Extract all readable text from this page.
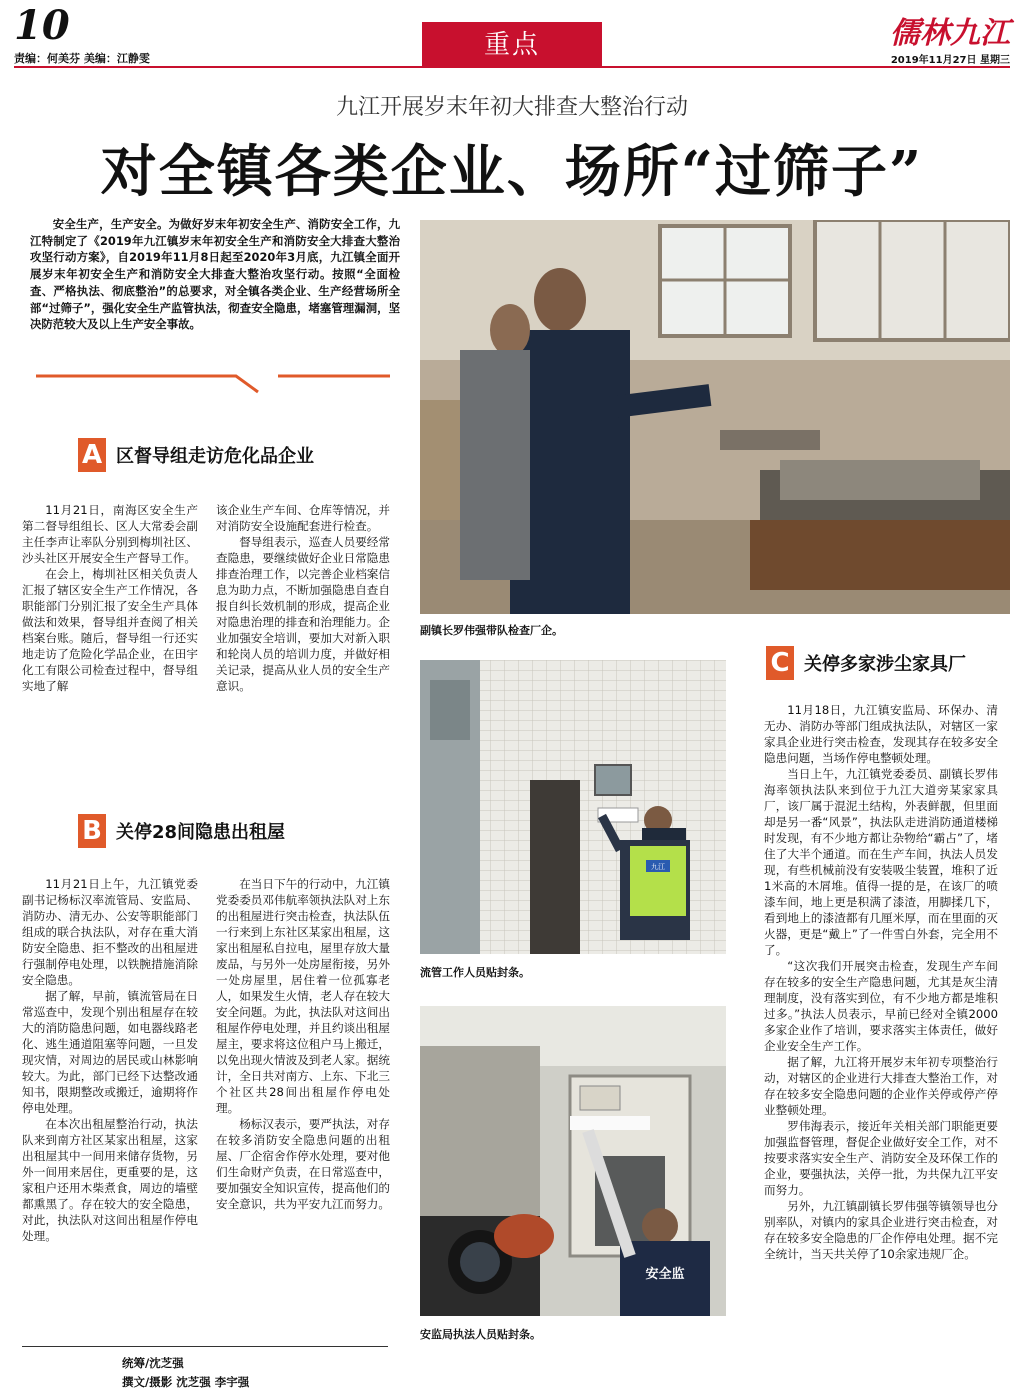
10
责编：何美芬 美编：江静雯	重点	儒林九江
2019年11月27日 星期三
九江开展岁末年初大排查大整治行动
对全镇各类企业、场所“过筛子”
安全生产，生产安全。为做好岁末年初安全生产、消防安全工作，九江特制定了《2019年九江镇岁末年初安全生产和消防安全大排查大整治攻坚行动方案》，自2019年11月8日起至2020年3月底，九江镇全面开展岁末年初安全生产和消防安全大排查大整治攻坚行动。按照“全面检查、严格执法、彻底整治”的总要求，对全镇各类企业、生产经营场所全部“过筛子”，强化安全生产监管执法，彻查安全隐患，堵塞管理漏洞，坚决防范较大及以上生产安全事故。
A 区督导组走访危化品企业

11月21日，南海区安全生产第二督导组组长、区人大常委会副主任李声让率队分别到梅圳社区、沙头社区开展安全生产督导工作。

在会上，梅圳社区相关负责人汇报了辖区安全生产工作情况，各职能部门分别汇报了安全生产具体做法和效果，督导组并查阅了相关档案台账。随后，督导组一行还实地走访了危险化学品企业，在田宇化工有限公司检查过程中，督导组实地了解

该企业生产车间、仓库等情况，并对消防安全设施配套进行检查。

督导组表示，巡查人员要经常查隐患，要继续做好企业日常隐患排查治理工作，以完善企业档案信息为助力点，不断加强隐患自查自报自纠长效机制的形成，提高企业对隐患治理的排查和治理能力。企业加强安全培训，要加大对新入职和轮岗人员的培训力度，并做好相关记录，提高从业人员的安全生产意识。

B 关停28间隐患出租屋

11月21日上午，九江镇党委副书记杨标汉率流管局、安监局、消防办、清无办、公安等职能部门组成的联合执法队，对存在重大消防安全隐患、拒不整改的出租屋进行强制停电处理，以铁腕措施消除安全隐患。

据了解，早前，镇流管局在日常巡查中，发现个别出租屋存在较大的消防隐患问题，如电器线路老化、逃生通道阻塞等问题，一旦发现灾情，对周边的居民或山林影响较大。为此，部门已经下达整改通知书，限期整改或搬迁，逾期将作停电处理。

在本次出租屋整治行动，执法队来到南方社区某家出租屋，这家出租屋其中一间用来储存货物，另外一间用来居住，更重要的是，这家租户还用木柴煮食，周边的墙壁都熏黑了。存在较大的安全隐患，对此，执法队对这间出租屋作停电处理。

在当日下午的行动中，九江镇党委委员邓伟航率领执法队对上东的出租屋进行突击检查，执法队伍一行来到上东社区某家出租屋，这家出租屋私自拉电，屋里存放大量废品，与另外一处房屋衔接，另外一处房屋里，居住着一位孤寡老人，如果发生火情，老人存在较大安全问题。为此，执法队对这间出租屋作停电处理，并且约谈出租屋屋主，要求将这位租户马上搬迁，以免出现火情波及到老人家。据统计，全日共对南方、上东、下北三个社区共28间出租屋作停电处理。

杨标汉表示，要严执法，对存在较多消防安全隐患问题的出租屋、厂企宿舍作停水处理，要对他们生命财产负责，在日常巡查中，要加强安全知识宣传，提高他们的安全意识，共为平安九江而努力。

统筹/沈芝强
撰文/摄影 沈芝强 李宇强
副镇长罗伟强带队检查厂企。
九江
流管工作人员贴封条。
安全监
安监局执法人员贴封条。
C 关停多家涉尘家具厂

11月18日，九江镇安监局、环保办、清无办、消防办等部门组成执法队，对辖区一家家具企业进行突击检查，发现其存在较多安全隐患问题，当场作停电整顿处理。

当日上午，九江镇党委委员、副镇长罗伟海率领执法队来到位于九江大道旁某家家具厂，该厂属于混泥土结构，外表鲜靓，但里面却是另一番“风景”，执法队走进消防通道楼梯时发现，有不少地方都让杂物给“霸占”了，堵住了大半个通道。而在生产车间，执法人员发现，有些机械前没有安装吸尘装置，堆积了近1米高的木屑堆。值得一提的是，在该厂的喷漆车间，地上更是积满了漆渣，用脚揉几下，看到地上的漆渣都有几厘米厚，而在里面的灭火器，更是“戴上”了一件雪白外套，完全用不了。

“这次我们开展突击检查，发现生产车间存在较多的安全生产隐患问题，尤其是灰尘清理制度，没有落实到位，有不少地方都是堆积过多。”执法人员表示，早前已经对全镇2000多家企业作了培训，要求落实主体责任，做好企业安全生产工作。

据了解，九江将开展岁末年初专项整治行动，对辖区的企业进行大排查大整治工作，对存在较多安全隐患问题的企业作关停或停产停业整顿处理。

罗伟海表示，接近年关相关部门职能更要加强监督管理，督促企业做好安全工作，对不按要求落实安全生产、消防安全及环保工作的企业，要强执法，关停一批，为共保九江平安而努力。

另外，九江镇副镇长罗伟强等镇领导也分别率队，对镇内的家具企业进行突击检查，对存在较多安全隐患的厂企作停电处理。据不完全统计，当天共关停了10余家违规厂企。
